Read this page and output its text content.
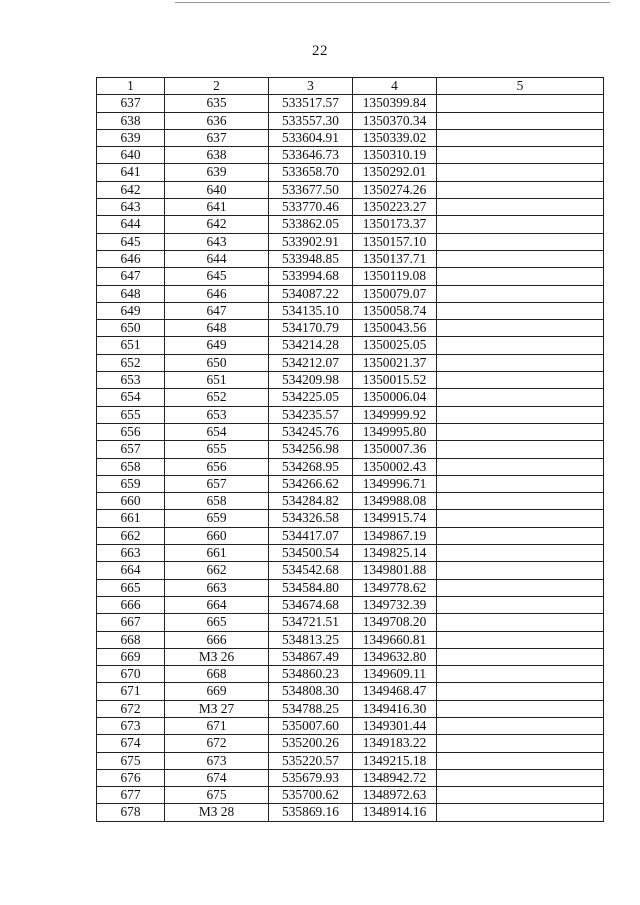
22
1	2	3	4	5
637	635	533517.57	1350399.84	
638	636	533557.30	1350370.34	
639	637	533604.91	1350339.02	
640	638	533646.73	1350310.19	
641	639	533658.70	1350292.01	
642	640	533677.50	1350274.26	
643	641	533770.46	1350223.27	
644	642	533862.05	1350173.37	
645	643	533902.91	1350157.10	
646	644	533948.85	1350137.71	
647	645	533994.68	1350119.08	
648	646	534087.22	1350079.07	
649	647	534135.10	1350058.74	
650	648	534170.79	1350043.56	
651	649	534214.28	1350025.05	
652	650	534212.07	1350021.37	
653	651	534209.98	1350015.52	
654	652	534225.05	1350006.04	
655	653	534235.57	1349999.92	
656	654	534245.76	1349995.80	
657	655	534256.98	1350007.36	
658	656	534268.95	1350002.43	
659	657	534266.62	1349996.71	
660	658	534284.82	1349988.08	
661	659	534326.58	1349915.74	
662	660	534417.07	1349867.19	
663	661	534500.54	1349825.14	
664	662	534542.68	1349801.88	
665	663	534584.80	1349778.62	
666	664	534674.68	1349732.39	
667	665	534721.51	1349708.20	
668	666	534813.25	1349660.81	
669	МЗ 26	534867.49	1349632.80	
670	668	534860.23	1349609.11	
671	669	534808.30	1349468.47	
672	МЗ 27	534788.25	1349416.30	
673	671	535007.60	1349301.44	
674	672	535200.26	1349183.22	
675	673	535220.57	1349215.18	
676	674	535679.93	1348942.72	
677	675	535700.62	1348972.63	
678	МЗ 28	535869.16	1348914.16	
